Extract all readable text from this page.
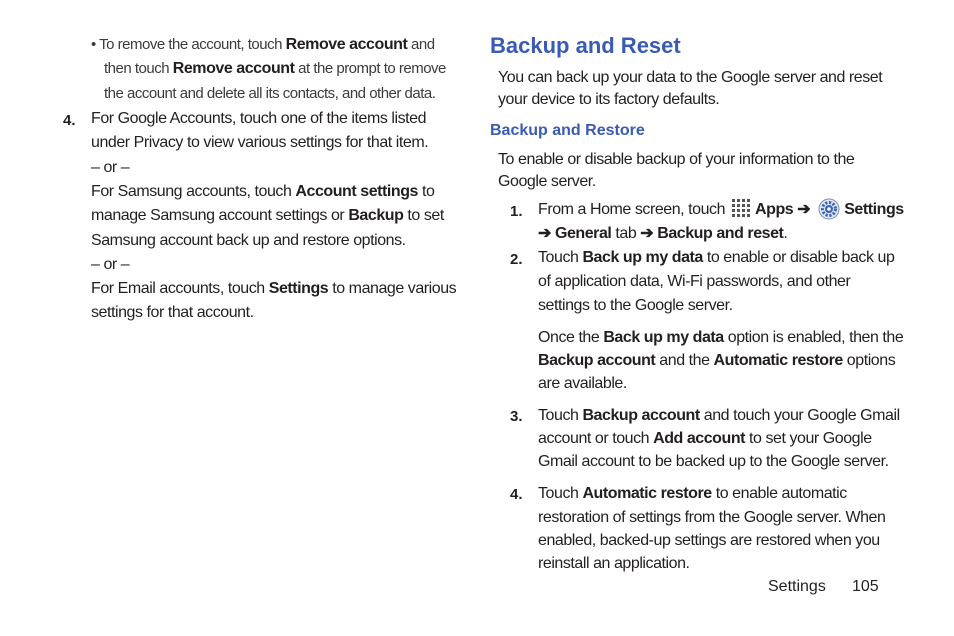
• To remove the account, touch Remove account and
then touch Remove account at the prompt to remove
the account and delete all its contacts, and other data.
4. For Google Accounts, touch one of the items listed
under Privacy to view various settings for that item.
– or –
For Samsung accounts, touch Account settings to
manage Samsung account settings or Backup to set
Samsung account back up and restore options.
– or –
For Email accounts, touch Settings to manage various
settings for that account.
Backup and Reset
You can back up your data to the Google server and reset
your device to its factory defaults.
Backup and Restore
To enable or disable backup of your information to the
Google server.
1. From a Home screen, touch
Apps ➔ Settings
➔ General tab ➔ Backup and reset.
2. Touch Back up my data to enable or disable back up
of application data, Wi-Fi passwords, and other
settings to the Google server.
Once the Back up my data option is enabled, then the
Backup account and the Automatic restore options
are available.
3. Touch Backup account and touch your Google Gmail
account or touch Add account to set your Google
Gmail account to be backed up to the Google server.
4. Touch Automatic restore to enable automatic
restoration of settings from the Google server. When
enabled, backed-up settings are restored when you
reinstall an application.
Settings 105
